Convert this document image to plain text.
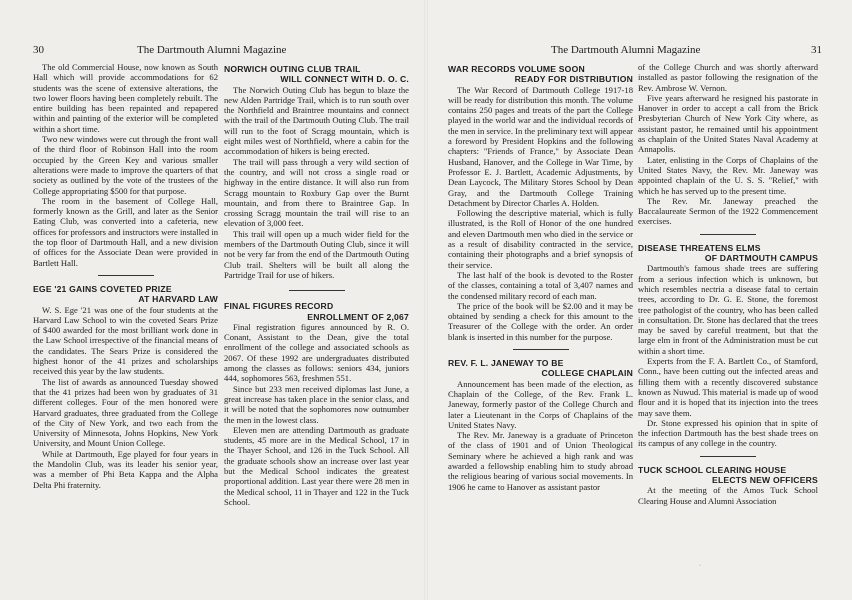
30	The Dartmouth Alumni Magazine	The Dartmouth Alumni Magazine	31

The old Commercial House, now known as South Hall which will provide accommodations for 62 students was the scene of extensive alterations, the two lower floors having been completely rebuilt. The entire building has been repainted and repapered within and painting of the exterior will be completed within a short time.

Two new windows were cut through the front wall of the third floor of Robinson Hall into the room occupied by the Green Key and various smaller alterations were made to improve the quarters of that society as outlined by the vote of the trustees of the College appropriating $500 for that purpose.

The room in the basement of College Hall, formerly known as the Grill, and later as the Senior Eating Club, was converted into a cafeteria, new offices for professors and instructors were installed in the top floor of Dartmouth Hall, and a new division of offices for the Associate Dean were provided in Bartlett Hall.

EGE '21 GAINS COVETED PRIZE
AT HARVARD LAW

W. S. Ege '21 was one of the four students at the Harvard Law School to win the coveted Sears Prize of $400 awarded for the most brilliant work done in the Law School irrespective of the financial means of the candidates. The Sears Prize is considered the highest honor of the 41 prizes and scholarships received this year by the law students.

The list of awards as announced Tuesday showed that the 41 prizes had been won by graduates of 31 different colleges. Four of the men honored were Harvard graduates, three graduated from the College of the City of New York, and two each from the University of Minnesota, Johns Hopkins, New York University, and Mount Union College.

While at Dartmouth, Ege played for four years in the Mandolin Club, was its leader his senior year, was a member of Phi Beta Kappa and the Alpha Delta Phi fraternity.

NORWICH OUTING CLUB TRAIL
WILL CONNECT WITH D. O. C.

The Norwich Outing Club has begun to blaze the new Alden Partridge Trail, which is to run south over the Northfield and Braintree mountains and connect with the trail of the Dartmouth Outing Club. The trail will run to the foot of Scragg mountain, which is eight miles west of Northfield, where a cabin for the accommodation of hikers is being erected.

The trail will pass through a very wild section of the country, and will not cross a single road or highway in the entire distance. It will also run from Scragg mountain to Roxbury Gap over the Burnt mountain, and from there to Braintree Gap. In crossing Scragg mountain the trail will rise to an elevation of 3,000 feet.

This trail will open up a much wider field for the members of the Dartmouth Outing Club, since it will not be very far from the end of the Dartmouth Outing Club trail. Shelters will be built all along the Partridge Trail for use of hikers.

FINAL FIGURES RECORD
ENROLLMENT OF 2,067

Final registration figures announced by R. O. Conant, Assistant to the Dean, give the total enrollment of the college and associated schools as 2067. Of these 1992 are undergraduates distributed among the classes as follows: seniors 434, juniors 444, sophomores 563, freshmen 551.

Since but 233 men received diplomas last June, a great increase has taken place in the senior class, and it will be noted that the sophomores now outnumber the men in the lowest class.

Eleven men are attending Dartmouth as graduate students, 45 more are in the Medical School, 17 in the Thayer School, and 126 in the Tuck School. All the graduate schools show an increase over last year but the Medical School indicates the greatest proportional addition. Last year there were 28 men in the Medical school, 11 in Thayer and 122 in the Tuck School.

WAR RECORDS VOLUME SOON
READY FOR DISTRIBUTION

The War Record of Dartmouth College 1917-18 will be ready for distribution this month. The volume contains 250 pages and treats of the part the College played in the world war and the individual records of the men in service. In the preliminary text will appear a foreword by President Hopkins and the following chapters: "Friends of France," by Associate Dean Husband, Hanover, and the College in War Time, by Professor E. J. Bartlett, Academic Adjustments, by Dean Laycock, The Military Stores School by Dean Gray, and the Dartmouth College Training Detachment by Director Charles A. Holden.

Following the descriptive material, which is fully illustrated, is the Roll of Honor of the one hundred and eleven Dartmouth men who died in the service or as a result of disability contracted in the service, containing their photographs and a brief synopsis of their service.

The last half of the book is devoted to the Roster of the classes, containing a total of 3,407 names and the condensed military record of each man.

The price of the book will be $2.00 and it may be obtained by sending a check for this amount to the Treasurer of the College with the order. An order blank is inserted in this number for the purpose.

REV. F. L. JANEWAY TO BE
COLLEGE CHAPLAIN

Announcement has been made of the election, as Chaplain of the College, of the Rev. Frank L. Janeway, formerly pastor of the College Church and later a Lieutenant in the Corps of Chaplains of the United States Navy.

The Rev. Mr. Janeway is a graduate of Princeton of the class of 1901 and of Union Theological Seminary where he achieved a high rank and was awarded a fellowship enabling him to study abroad the religious bearing of various social movements. In 1906 he came to Hanover as assistant pastor

of the College Church and was shortly afterward installed as pastor following the resignation of the Rev. Ambrose W. Vernon.

Five years afterward he resigned his pastorate in Hanover in order to accept a call from the Brick Presbyterian Church of New York City where, as assistant pastor, he remained until his appointment as chaplain of the United States Naval Academy at Annapolis.

Later, enlisting in the Corps of Chaplains of the United States Navy, the Rev. Mr. Janeway was appointed chaplain of the U. S. S. "Relief," with which he has served up to the present time.

The Rev. Mr. Janeway preached the Baccalaureate Sermon of the 1922 Commencement exercises.

DISEASE THREATENS ELMS
OF DARTMOUTH CAMPUS

Dartmouth's famous shade trees are suffering from a serious infection which is unknown, but which resembles nectria a disease fatal to certain trees, according to Dr. G. E. Stone, the foremost tree pathologist of the country, who has been called in consultation. Dr. Stone has declared that the trees may be saved by careful treatment, but that the large elm in front of the Administration must be cut within a short time.

Experts from the F. A. Bartlett Co., of Stamford, Conn., have been cutting out the infected areas and filling them with a recently discovered substance known as Nuwud. This material is made up of wood flour and it is hoped that its injection into the trees may save them.

Dr. Stone expressed his opinion that in spite of the infection Dartmouth has the best shade trees on its campus of any college in the country.

TUCK SCHOOL CLEARING HOUSE
ELECTS NEW OFFICERS

At the meeting of the Amos Tuck School Clearing House and Alumni Association

·
